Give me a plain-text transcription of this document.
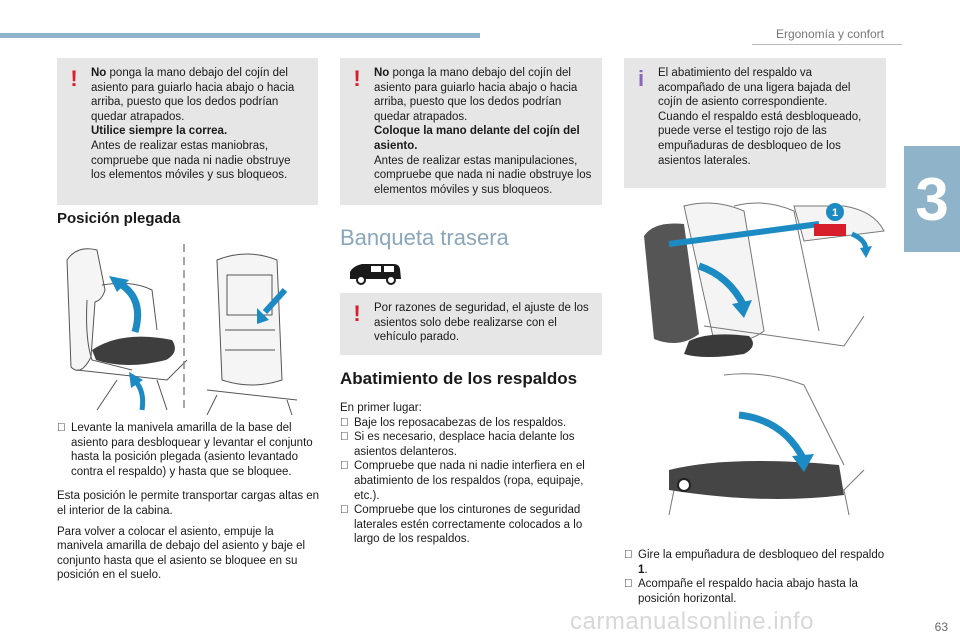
Ergonomía y confort
3
! No ponga la mano debajo del cojín del asiento para guiarlo hacia abajo o hacia arriba, puesto que los dedos podrían quedar atrapados.

Utilice siempre la correa.

Antes de realizar estas maniobras, compruebe que nada ni nadie obstruye los elementos móviles y sus bloqueos.

Posición plegada
Levante la manivela amarilla de la base del asiento para desbloquear y levantar el conjunto hasta la posición plegada (asiento levantado contra el respaldo) y hasta que se bloquee.

Esta posición le permite transportar cargas altas en el interior de la cabina.

Para volver a colocar el asiento, empuje la manivela amarilla de debajo del asiento y baje el conjunto hasta que el asiento se bloquee en su posición en el suelo.

! No ponga la mano debajo del cojín del asiento para guiarlo hacia abajo o hacia arriba, puesto que los dedos podrían quedar atrapados.

Coloque la mano delante del cojín del asiento.

Antes de realizar estas manipulaciones, compruebe que nada ni nadie obstruye los elementos móviles y sus bloqueos.

Banqueta trasera
! Por razones de seguridad, el ajuste de los asientos solo debe realizarse con el vehículo parado.

Abatimiento de los respaldos

En primer lugar:

Baje los reposacabezas de los respaldos.
Si es necesario, desplace hacia delante los asientos delanteros.
Compruebe que nada ni nadie interfiera en el abatimiento de los respaldos (ropa, equipaje, etc.).
Compruebe que los cinturones de seguridad laterales estén correctamente colocados a lo largo de los respaldos.
i El abatimiento del respaldo va acompañado de una ligera bajada del cojín de asiento correspondiente.
Cuando el respaldo está desbloqueado, puede verse el testigo rojo de las empuñaduras de desbloqueo de los asientos laterales.

1
Gire la empuñadura de desbloqueo del respaldo 1.
Acompañe el respaldo hacia abajo hasta la posición horizontal.
carmanualsonline.info	63
